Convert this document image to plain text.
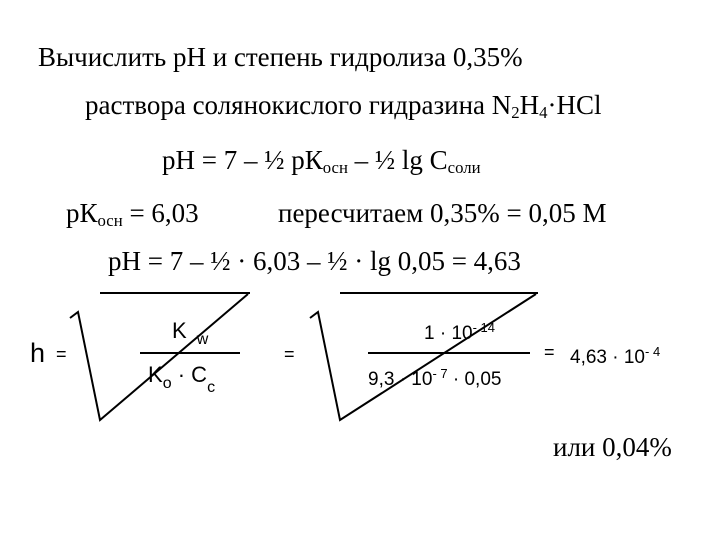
Вычислить рН и степень гидролиза 0,35%
раствора солянокислого гидразина $N_2H_4\cdot HCl$
рН = 7 – ½ $рК_{осн}$ – ½ $\lg C_{соли}$
$рК_{осн} = 6,03$	пересчитаем 0,35% = 0,05 М
рН = 7 – ½ · 6,03 – ½ · lg 0,05 = 4,63
h =
K $_w$
$K_o \cdot C_c$
=
$1 \cdot 10^{- 14}$
$9,3 \cdot 10^{- 7} \cdot 0,05$
= $4,63 \cdot 10^{- 4}$
или 0,04%
